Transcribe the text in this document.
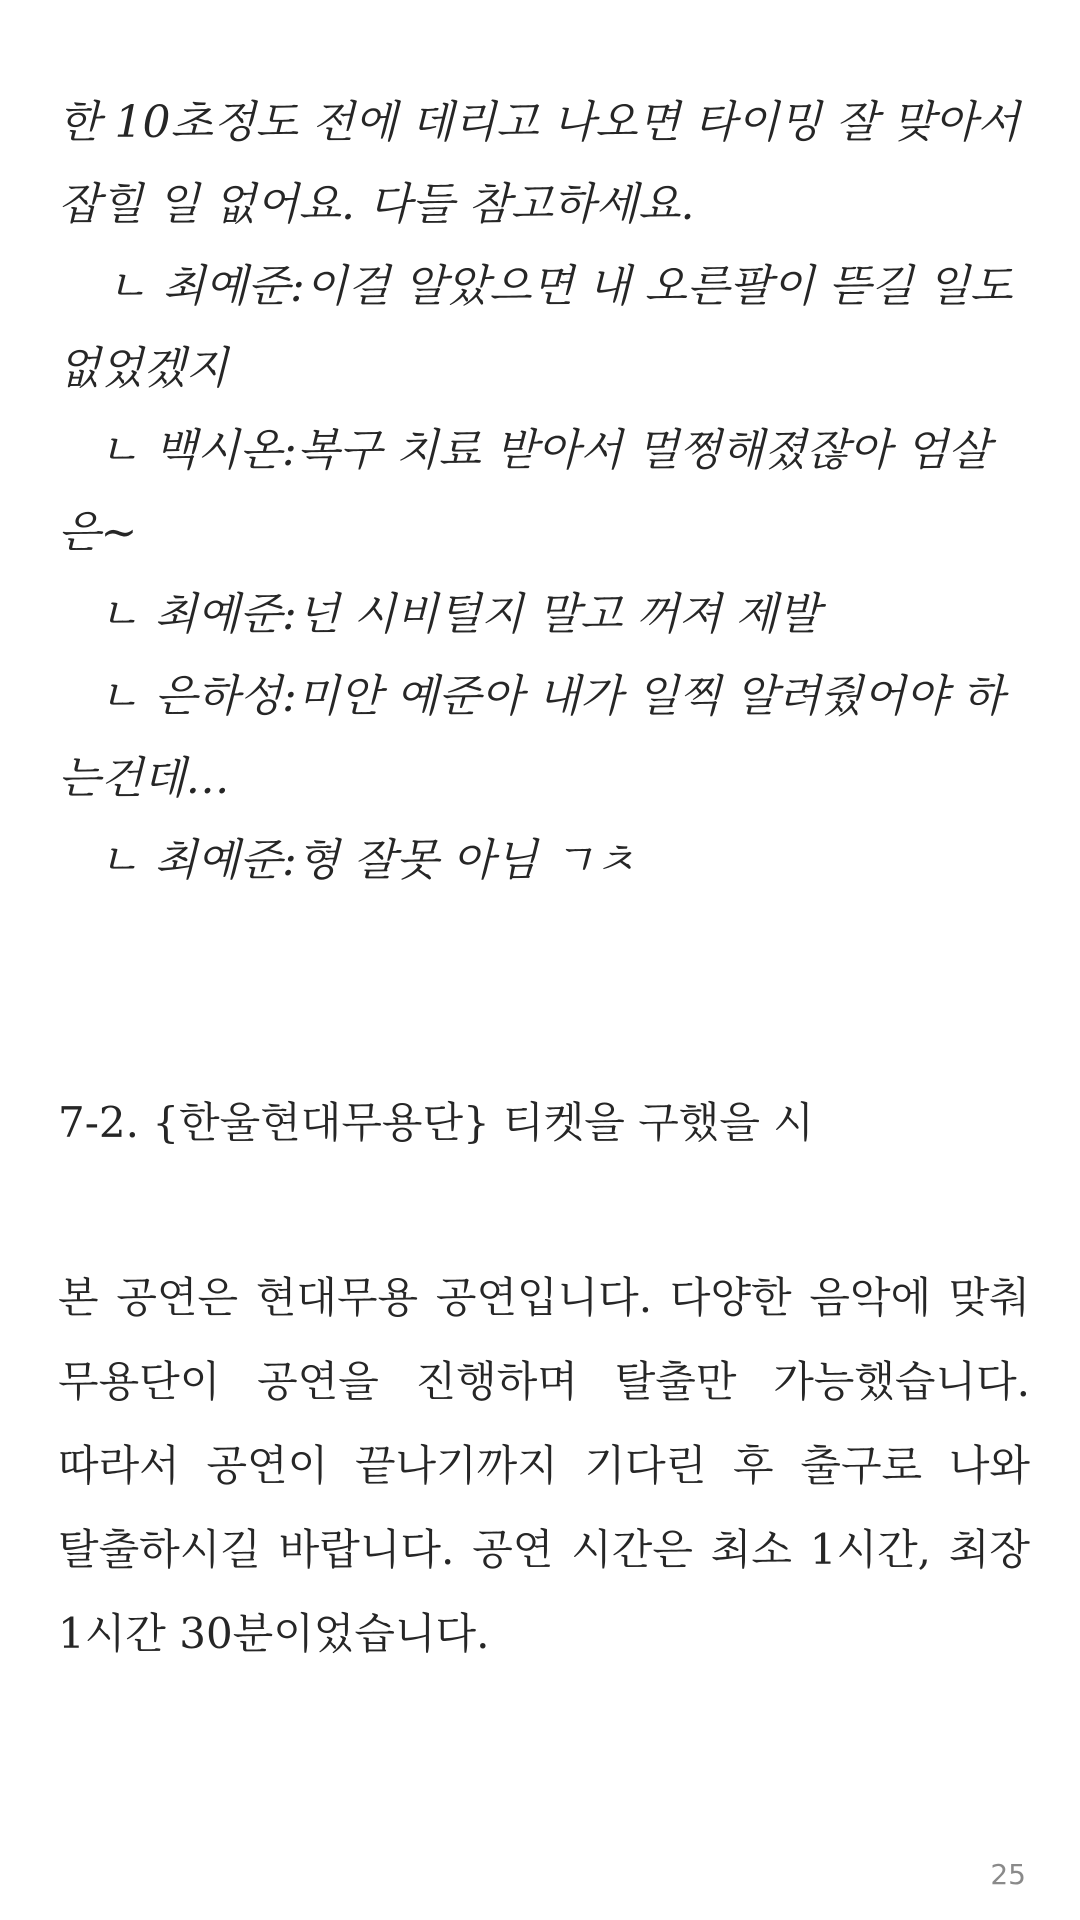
한 10초정도 전에 데리고 나오면 타이밍 잘 맞아서 잡힐 일 없어요. 다들 참고하세요.

ㄴ 최예준:이걸 알았으면 내 오른팔이 뜯길 일도 없었겠지

ㄴ 백시온:복구 치료 받아서 멀쩡해졌잖아 엄살은~

ㄴ 최예준:넌 시비털지 말고 꺼져 제발

ㄴ 은하성:미안 예준아 내가 일찍 알려줬어야 하는건데…

ㄴ 최예준:형 잘못 아님 ㄱㅊ

7-2. {한울현대무용단} 티켓을 구했을 시

본 공연은 현대무용 공연입니다. 다양한 음악에 맞춰 무용단이 공연을 진행하며 탈출만 가능했습니다. 따라서 공연이 끝나기까지 기다린 후 출구로 나와 탈출하시길 바랍니다. 공연 시간은 최소 1시간, 최장 1시간 30분이었습니다.

25
